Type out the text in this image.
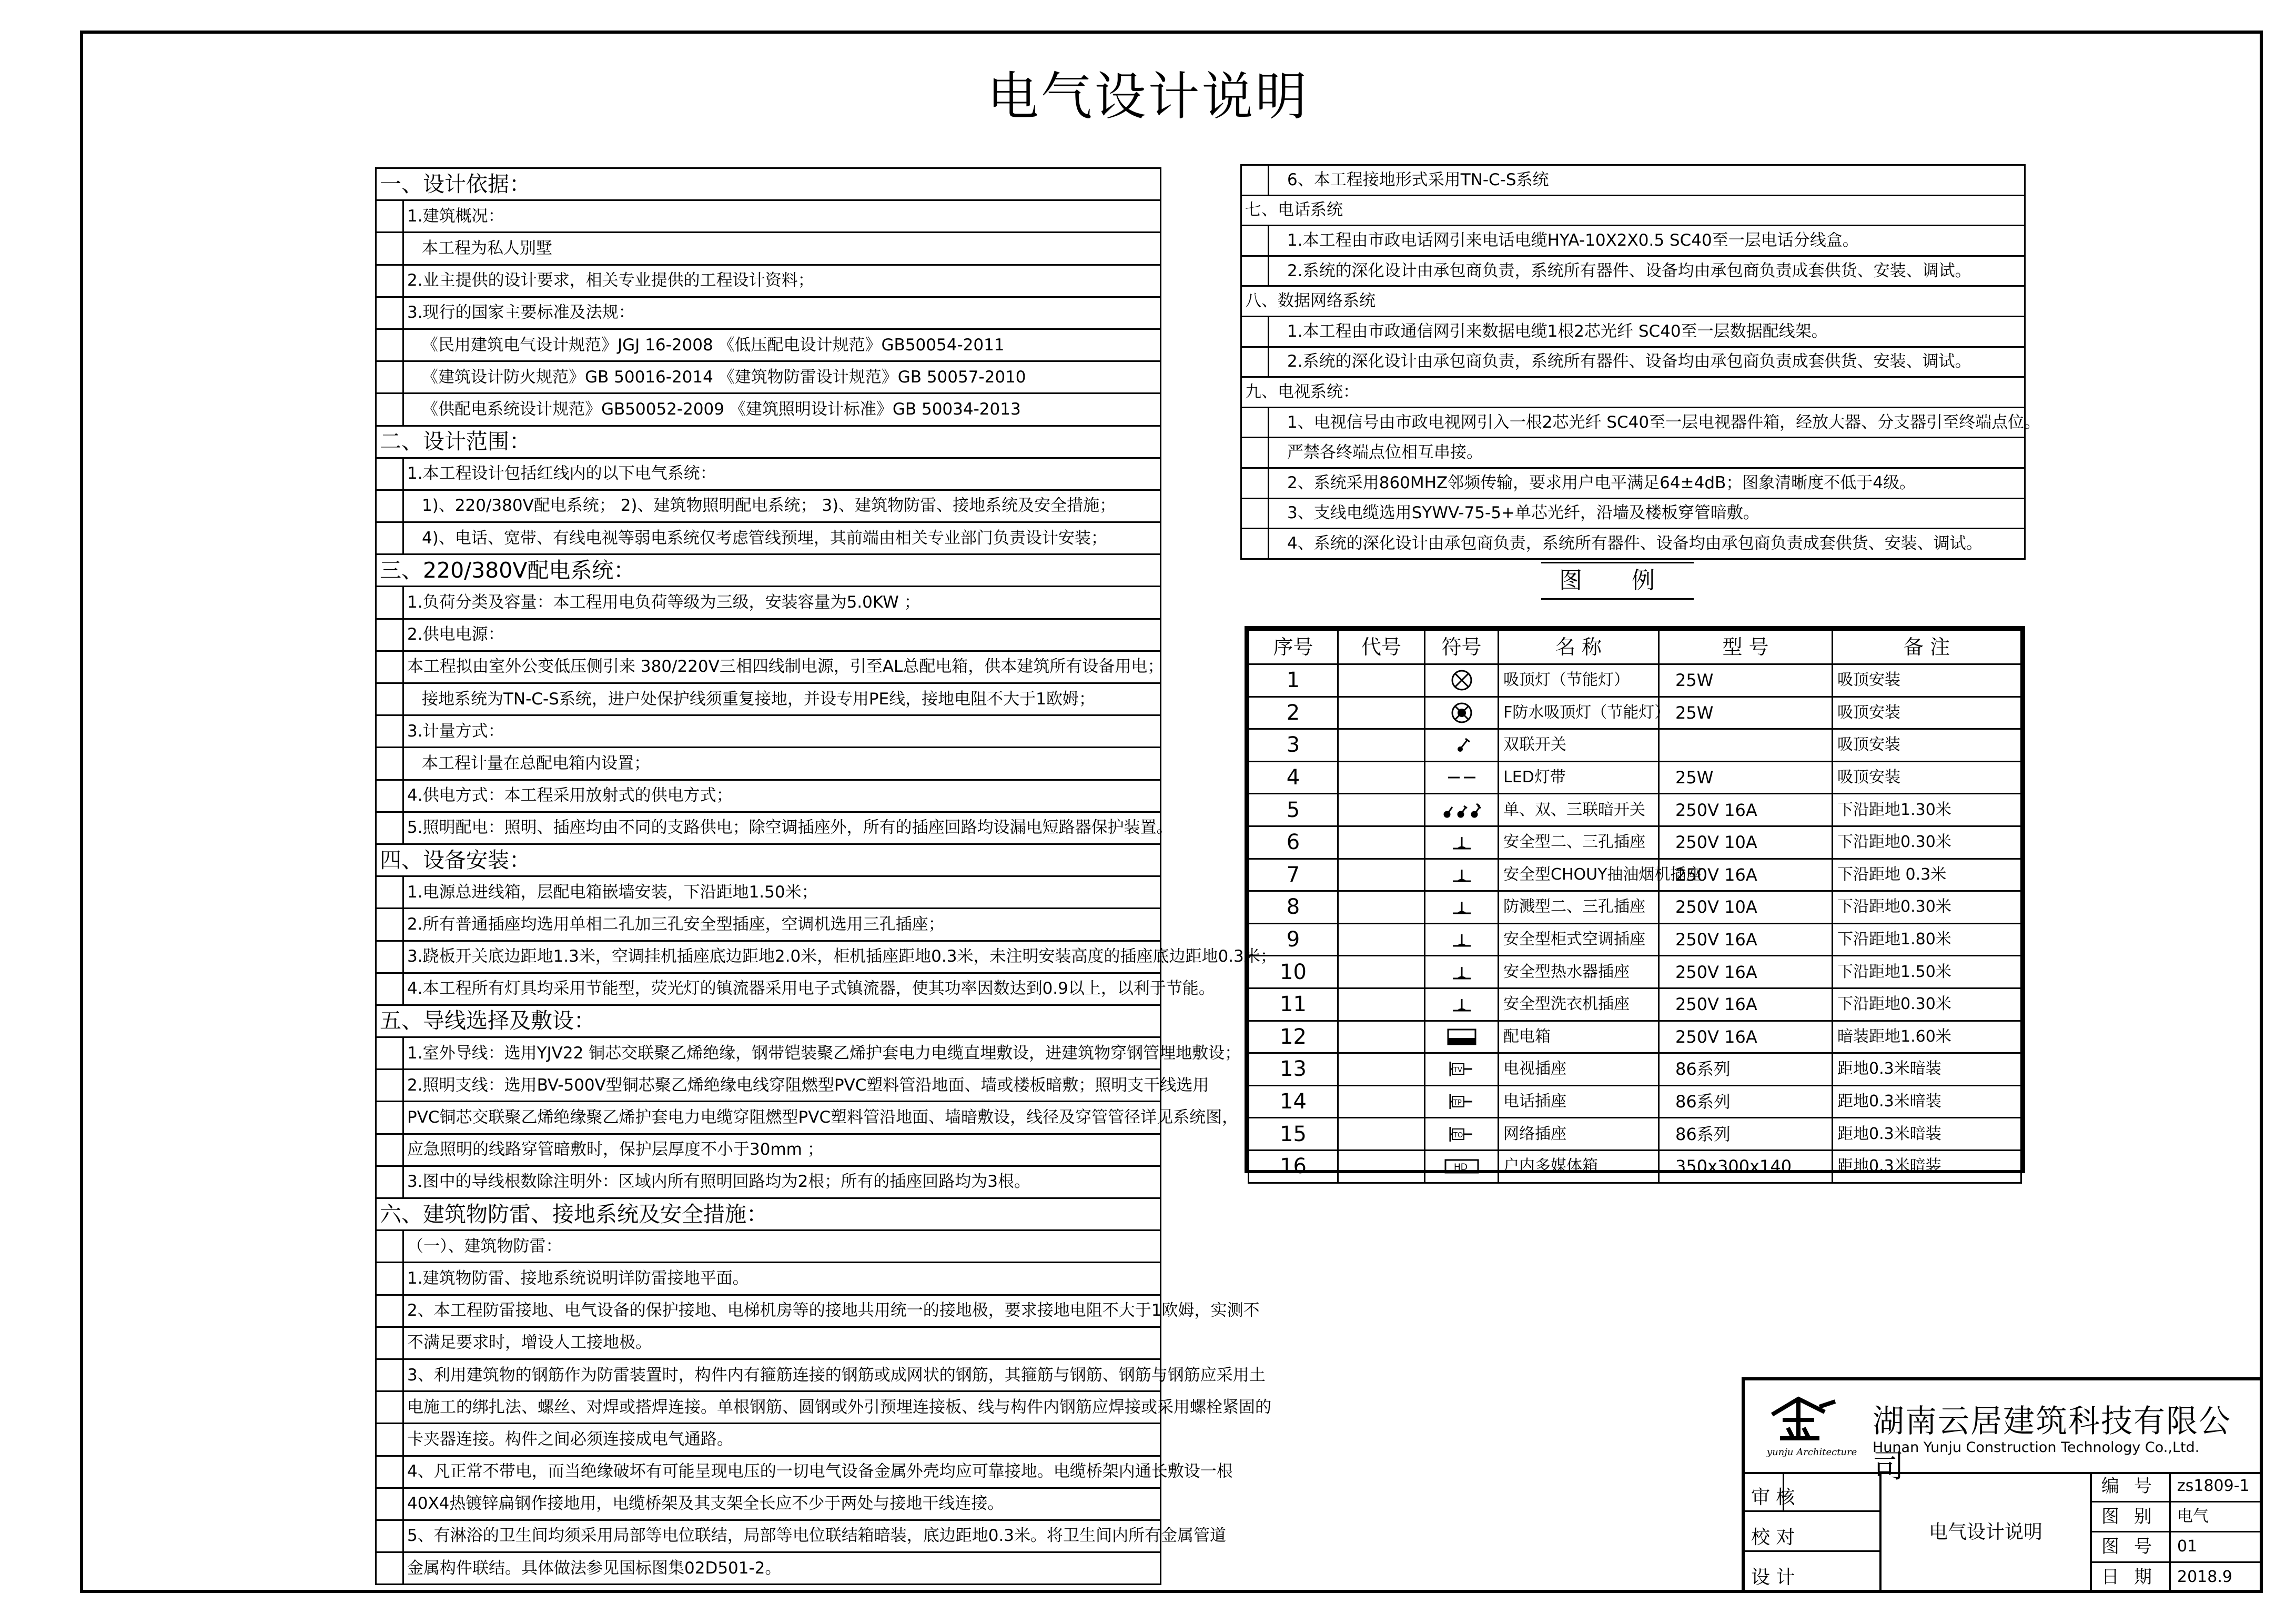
电气设计说明
一、设计依据：	
	1.建筑概况：
	本工程为私人别墅
	2.业主提供的设计要求，相关专业提供的工程设计资料；
	3.现行的国家主要标准及法规：
	《民用建筑电气设计规范》JGJ 16-2008 《低压配电设计规范》GB50054-2011
	《建筑设计防火规范》GB 50016-2014 《建筑物防雷设计规范》GB 50057-2010
	《供配电系统设计规范》GB50052-2009 《建筑照明设计标准》GB 50034-2013
二、设计范围：	
	1.本工程设计包括红线内的以下电气系统：
	1)、220/380V配电系统； 2)、建筑物照明配电系统； 3)、建筑物防雷、接地系统及安全措施；
	4)、电话、宽带、有线电视等弱电系统仅考虑管线预埋，其前端由相关专业部门负责设计安装；
三、220/380V配电系统：	
	1.负荷分类及容量：本工程用电负荷等级为三级，安装容量为5.0KW ；
	2.供电电源：
	本工程拟由室外公变低压侧引来 380/220V三相四线制电源，引至AL总配电箱，供本建筑所有设备用电；
	接地系统为TN-C-S系统，进户处保护线须重复接地，并设专用PE线，接地电阻不大于1欧姆；
	3.计量方式：
	本工程计量在总配电箱内设置；
	4.供电方式：本工程采用放射式的供电方式；
	5.照明配电：照明、插座均由不同的支路供电；除空调插座外，所有的插座回路均设漏电短路器保护装置。
四、设备安装：	
	1.电源总进线箱，层配电箱嵌墙安装，下沿距地1.50米；
	2.所有普通插座均选用单相二孔加三孔安全型插座，空调机选用三孔插座；
	3.跷板开关底边距地1.3米，空调挂机插座底边距地2.0米，柜机插座距地0.3米，未注明安装高度的插座底边距地0.3米；
	4.本工程所有灯具均采用节能型，荧光灯的镇流器采用电子式镇流器，使其功率因数达到0.9以上，以利于节能。
五、导线选择及敷设：	
	1.室外导线：选用YJV22 铜芯交联聚乙烯绝缘，钢带铠装聚乙烯护套电力电缆直埋敷设，进建筑物穿钢管埋地敷设；
	2.照明支线：选用BV-500V型铜芯聚乙烯绝缘电线穿阻燃型PVC塑料管沿地面、墙或楼板暗敷；照明支干线选用
	PVC铜芯交联聚乙烯绝缘聚乙烯护套电力电缆穿阻燃型PVC塑料管沿地面、墙暗敷设，线径及穿管管径详见系统图，
	应急照明的线路穿管暗敷时，保护层厚度不小于30mm ；
	3.图中的导线根数除注明外：区域内所有照明回路均为2根；所有的插座回路均为3根。
六、建筑物防雷、接地系统及安全措施：	
	（一）、建筑物防雷：
	1.建筑物防雷、接地系统说明详防雷接地平面。
	2、本工程防雷接地、电气设备的保护接地、电梯机房等的接地共用统一的接地极，要求接地电阻不大于1欧姆，实测不
	不满足要求时，增设人工接地极。
	3、利用建筑物的钢筋作为防雷装置时，构件内有箍筋连接的钢筋或成网状的钢筋，其箍筋与钢筋、钢筋与钢筋应采用土
	电施工的绑扎法、螺丝、对焊或搭焊连接。单根钢筋、圆钢或外引预埋连接板、线与构件内钢筋应焊接或采用螺栓紧固的
	卡夹器连接。构件之间必须连接成电气通路。
	4、凡正常不带电，而当绝缘破坏有可能呈现电压的一切电气设备金属外壳均应可靠接地。电缆桥架内通长敷设一根
	40X4热镀锌扁钢作接地用，电缆桥架及其支架全长应不少于两处与接地干线连接。
	5、有淋浴的卫生间均须采用局部等电位联结，局部等电位联结箱暗装，底边距地0.3米。将卫生间内所有金属管道
	金属构件联结。具体做法参见国标图集02D501-2。
	6、本工程接地形式采用TN-C-S系统
七、电话系统	
	1.本工程由市政电话网引来电话电缆HYA-10X2X0.5 SC40至一层电话分线盒。
	2.系统的深化设计由承包商负责，系统所有器件、设备均由承包商负责成套供货、安装、调试。
八、数据网络系统	
	1.本工程由市政通信网引来数据电缆1根2芯光纤 SC40至一层数据配线架。
	2.系统的深化设计由承包商负责，系统所有器件、设备均由承包商负责成套供货、安装、调试。
九、电视系统：	
	1、电视信号由市政电视网引入一根2芯光纤 SC40至一层电视器件箱，经放大器、分支器引至终端点位。
	严禁各终端点位相互串接。
	2、系统采用860MHZ邻频传输，要求用户电平满足64±4dB；图象清晰度不低于4级。
	3、支线电缆选用SYWV-75-5+单芯光纤，沿墙及楼板穿管暗敷。
	4、系统的深化设计由承包商负责，系统所有器件、设备均由承包商负责成套供货、安装、调试。
图 例
序号	代号	符号	名 称	型 号	备 注
1			吸顶灯（节能灯）	25W	吸顶安装
2			F防水吸顶灯（节能灯）	25W	吸顶安装
3			双联开关		吸顶安装
4			LED灯带	25W	吸顶安装
5			单、双、三联暗开关	250V 16A	下沿距地1.30米
6			安全型二、三孔插座	250V 10A	下沿距地0.30米
7			安全型CHOUY抽油烟机插座	250V 16A	下沿距地 0.3米
8			防溅型二、三孔插座	250V 10A	下沿距地0.30米
9			安全型柜式空调插座	250V 16A	下沿距地1.80米
10			安全型热水器插座	250V 16A	下沿距地1.50米
11			安全型洗衣机插座	250V 16A	下沿距地0.30米
12			配电箱	250V 16A	暗装距地1.60米
13		TV	电视插座	86系列	距地0.3米暗装
14		TP	电话插座	86系列	距地0.3米暗装
15		TO	网络插座	86系列	距地0.3米暗装
16		HD	户内多媒体箱	350x300x140	距地0.3米暗装
yunju Architecture
湖南云居建筑科技有限公司
Hunan Yunju Construction Technology Co.,Ltd.
审 核
校 对
设 计
电气设计说明
编号 zs1809-1
图别 电气
图号 01
日期 2018.9
